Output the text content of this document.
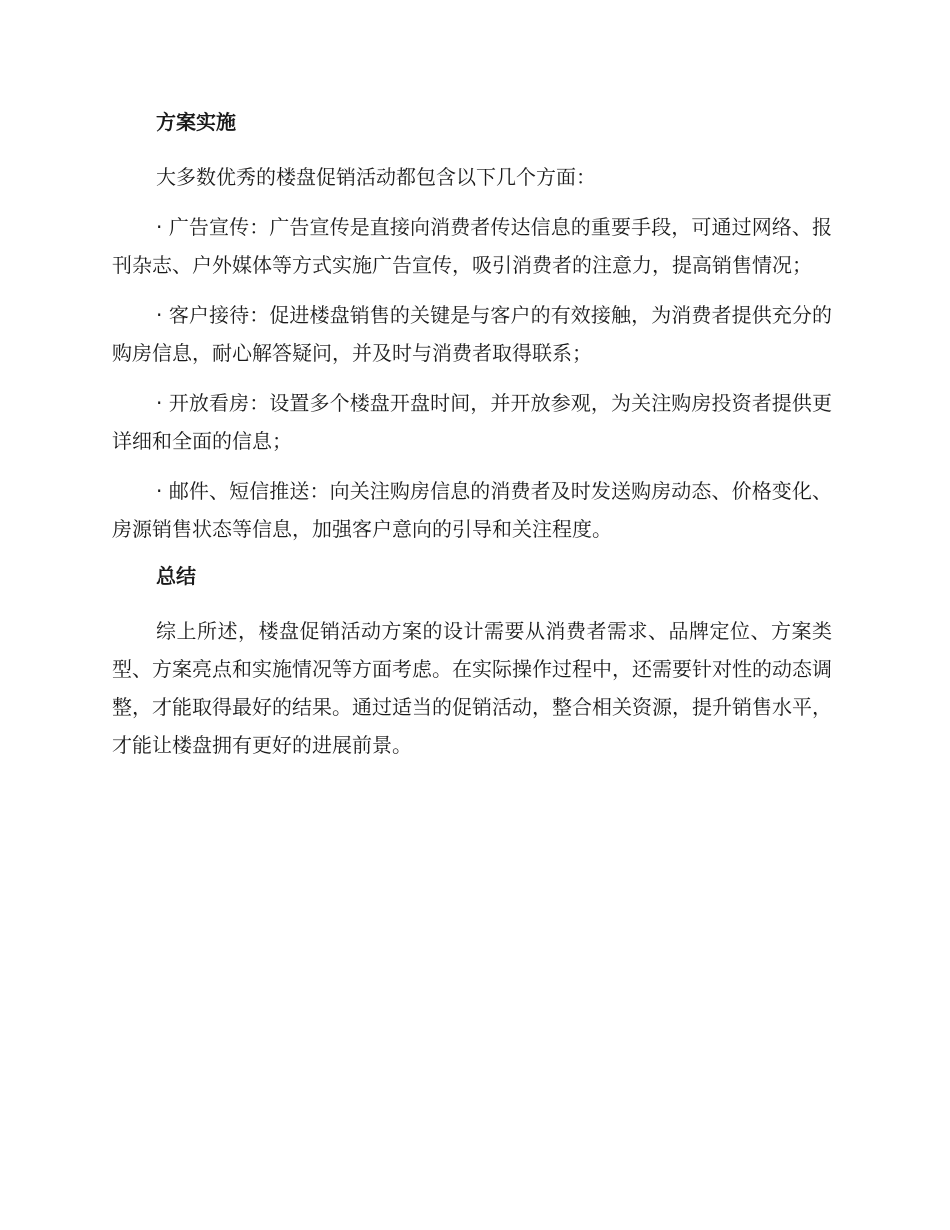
方案实施

大多数优秀的楼盘促销活动都包含以下几个方面：

· 广告宣传：广告宣传是直接向消费者传达信息的重要手段，可通过网络、报刊杂志、户外媒体等方式实施广告宣传，吸引消费者的注意力，提高销售情况；

· 客户接待：促进楼盘销售的关键是与客户的有效接触，为消费者提供充分的购房信息，耐心解答疑问，并及时与消费者取得联系；

· 开放看房：设置多个楼盘开盘时间，并开放参观，为关注购房投资者提供更详细和全面的信息；

· 邮件、短信推送：向关注购房信息的消费者及时发送购房动态、价格变化、房源销售状态等信息，加强客户意向的引导和关注程度。

总结

综上所述，楼盘促销活动方案的设计需要从消费者需求、品牌定位、方案类型、方案亮点和实施情况等方面考虑。在实际操作过程中，还需要针对性的动态调整，才能取得最好的结果。通过适当的促销活动，整合相关资源，提升销售水平，才能让楼盘拥有更好的进展前景。
